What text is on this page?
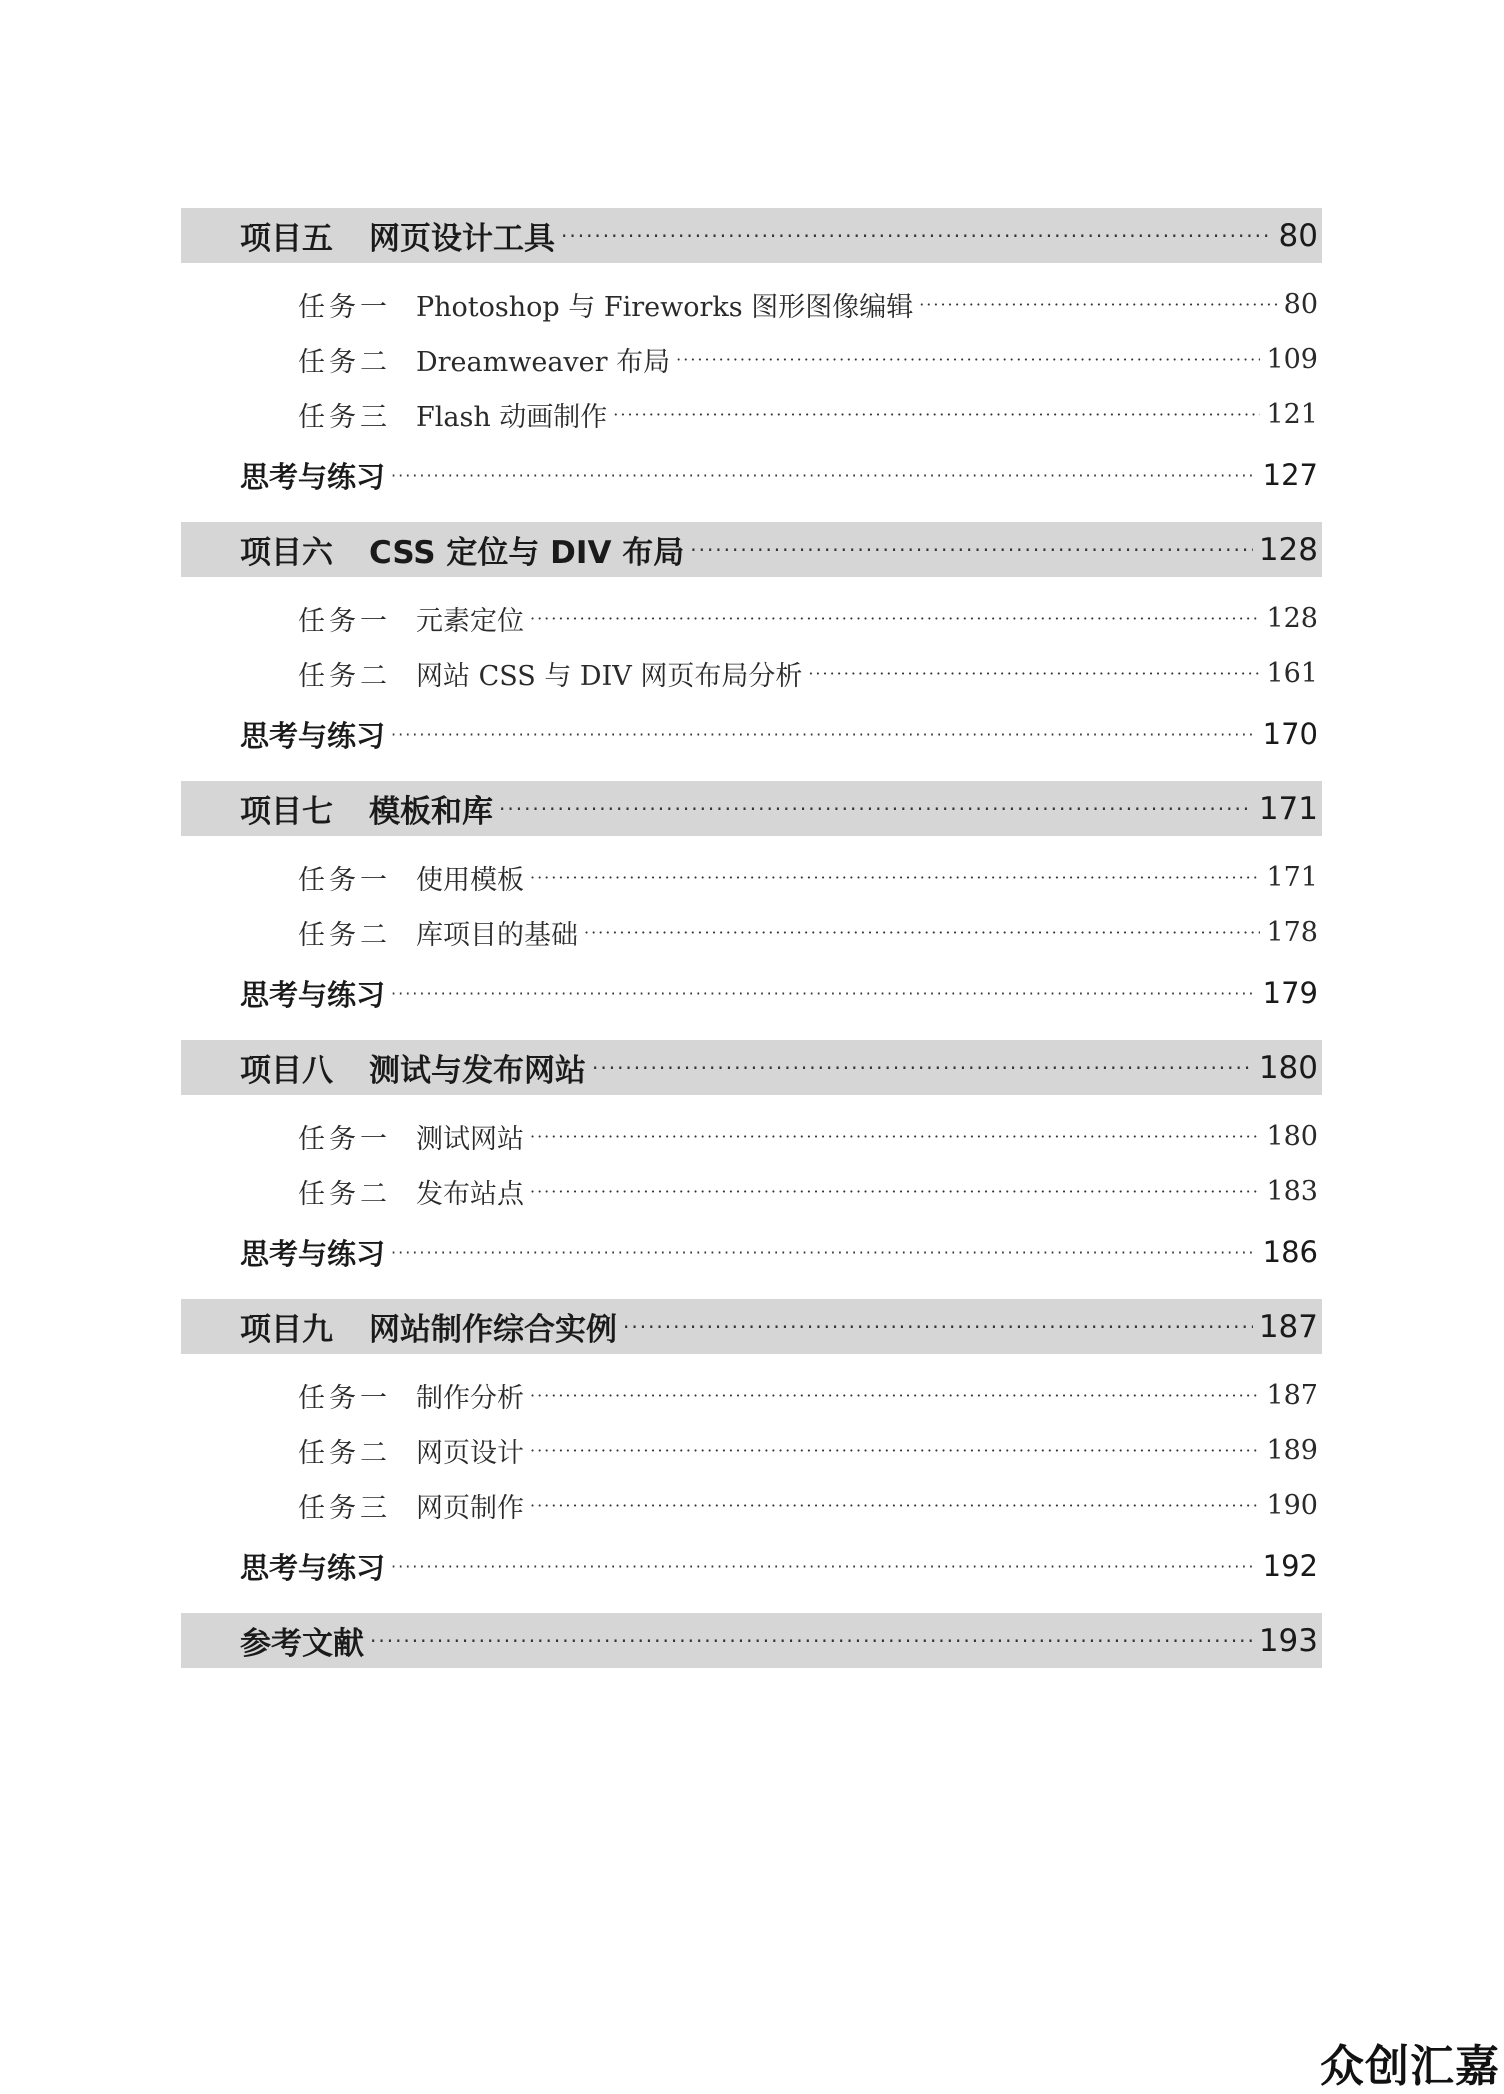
项目五 网页设计工具 ·····	80
任务一 Photoshop 与 Fireworks 图形图像编辑 ·····	80
任务二 Dreamweaver 布局 ·····	109
任务三 Flash 动画制作 ·····	121
思考与练习 ·····	127
项目六 CSS 定位与 DIV 布局 ·····	128
任务一 元素定位 ·····	128
任务二 网站 CSS 与 DIV 网页布局分析 ·····	161
思考与练习 ·····	170
项目七 模板和库 ·····	171
任务一 使用模板 ·····	171
任务二 库项目的基础 ·····	178
思考与练习 ·····	179
项目八 测试与发布网站 ·····	180
任务一 测试网站 ·····	180
任务二 发布站点 ·····	183
思考与练习 ·····	186
项目九 网站制作综合实例 ·····	187
任务一 制作分析 ·····	187
任务二 网页设计 ·····	189
任务三 网页制作 ·····	190
思考与练习 ·····	192
参考文献 ·····	193
众创汇嘉
